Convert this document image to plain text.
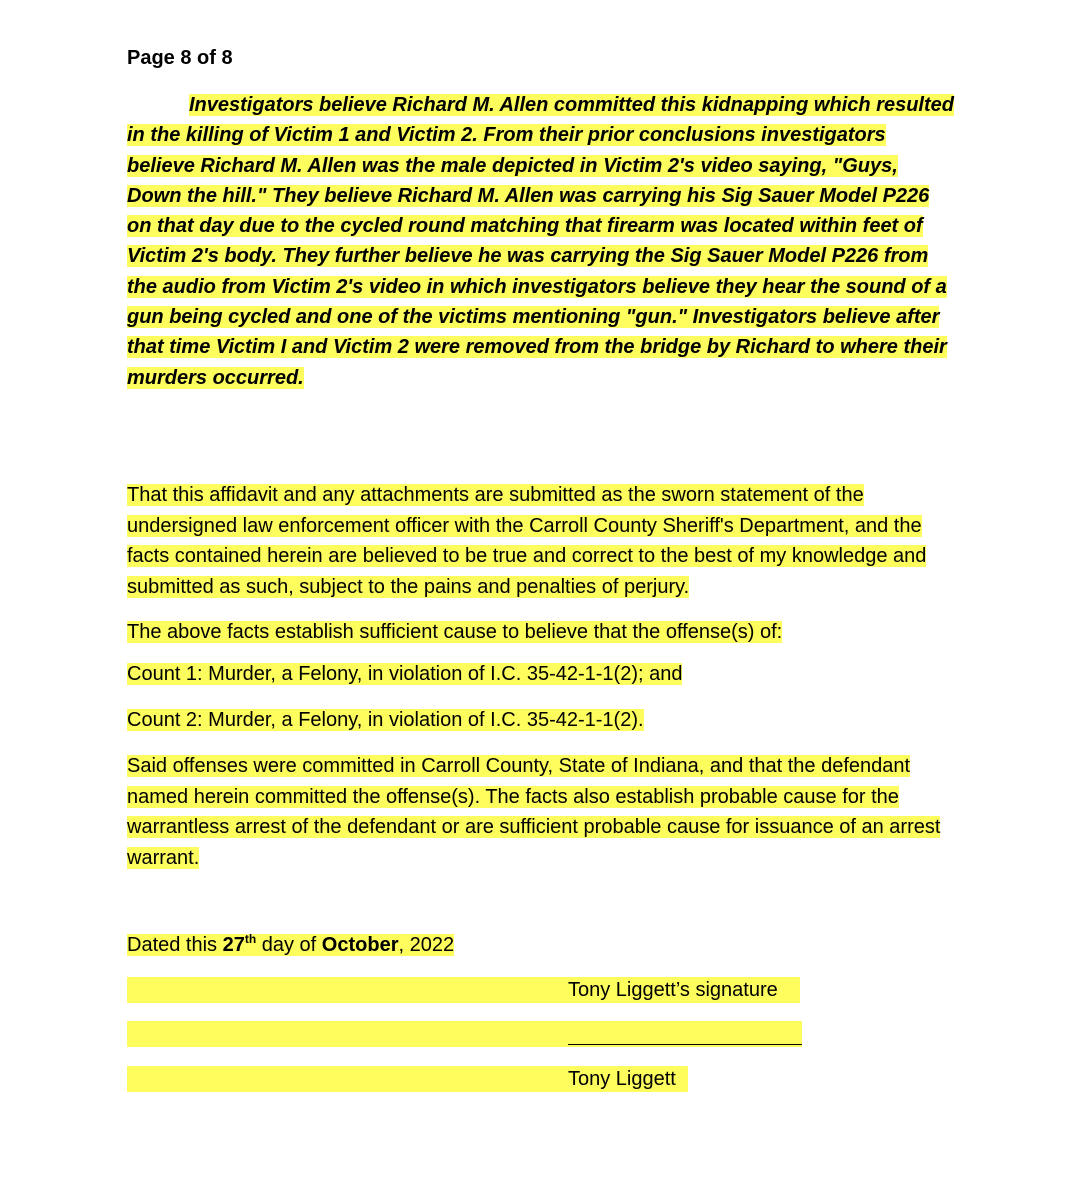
Page 8 of 8

Investigators believe Richard M. Allen committed this kidnapping which resulted in the killing of Victim 1 and Victim 2. From their prior conclusions investigators believe Richard M. Allen was the male depicted in Victim 2's video saying, "Guys, Down the hill." They believe Richard M. Allen was carrying his Sig Sauer Model P226 on that day due to the cycled round matching that firearm was located within feet of Victim 2's body. They further believe he was carrying the Sig Sauer Model P226 from the audio from Victim 2's video in which investigators believe they hear the sound of a gun being cycled and one of the victims mentioning "gun." Investigators believe after that time Victim I and Victim 2 were removed from the bridge by Richard to where their murders occurred.

That this affidavit and any attachments are submitted as the sworn statement of the undersigned law enforcement officer with the Carroll County Sheriff's Department, and the facts contained herein are believed to be true and correct to the best of my knowledge and submitted as such, subject to the pains and penalties of perjury.

The above facts establish sufficient cause to believe that the offense(s) of:

Count 1: Murder, a Felony, in violation of I.C. 35-42-1-1(2); and

Count 2: Murder, a Felony, in violation of I.C. 35-42-1-1(2).

Said offenses were committed in Carroll County, State of Indiana, and that the defendant named herein committed the offense(s). The facts also establish probable cause for the warrantless arrest of the defendant or are sufficient probable cause for issuance of an arrest warrant.

Dated this 27th day of October, 2022

Tony Liggett’s signature
Tony Liggett
